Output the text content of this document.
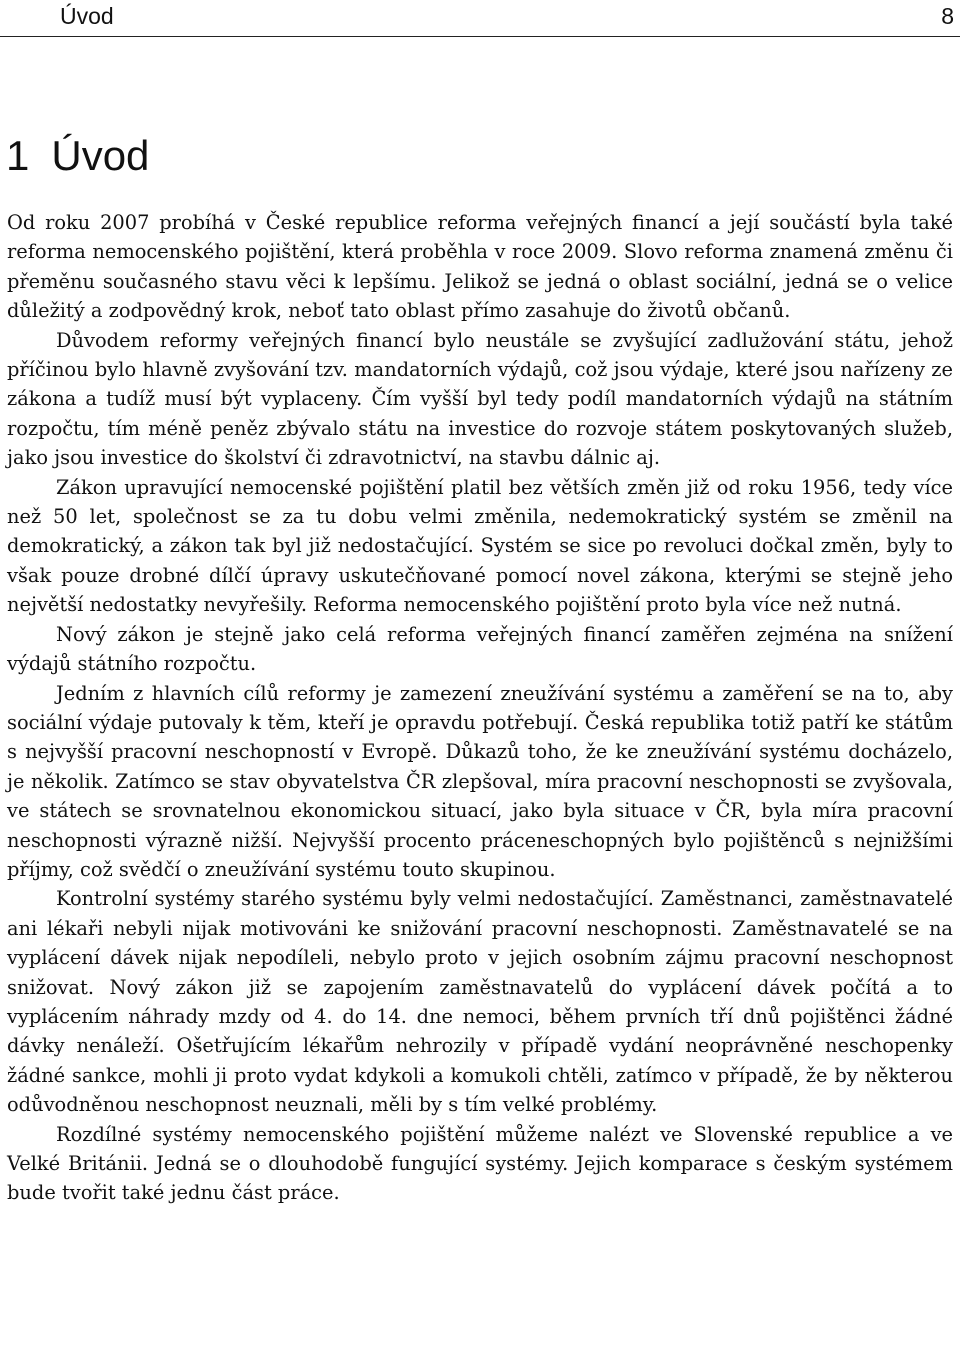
Úvod	8
1 Úvod

Od roku 2007 probíhá v České republice reforma veřejných financí a její součástí byla také reforma nemocenského pojištění, která proběhla v roce 2009. Slovo reforma znamená změnu či přeměnu současného stavu věci k lepšímu. Jelikož se jedná o oblast sociální, jedná se o velice důležitý a zodpovědný krok, neboť tato oblast přímo zasahuje do životů občanů.

Důvodem reformy veřejných financí bylo neustále se zvyšující zadlužování státu, jehož příčinou bylo hlavně zvyšování tzv. mandatorních výdajů, což jsou výdaje, které jsou nařízeny ze zákona a tudíž musí být vyplaceny. Čím vyšší byl tedy podíl mandatorních výdajů na státním rozpočtu, tím méně peněz zbývalo státu na investice do rozvoje státem poskytovaných služeb, jako jsou investice do školství či zdravotnictví, na stavbu dálnic aj.

Zákon upravující nemocenské pojištění platil bez větších změn již od roku 1956, tedy více než 50 let, společnost se za tu dobu velmi změnila, nedemokratický systém se změnil na demokratický, a zákon tak byl již nedostačující. Systém se sice po revoluci dočkal změn, byly to však pouze drobné dílčí úpravy uskutečňované pomocí novel zákona, kterými se stejně jeho největší nedostatky nevyřešily. Reforma nemocenského pojištění proto byla více než nutná.

Nový zákon je stejně jako celá reforma veřejných financí zaměřen zejména na snížení výdajů státního rozpočtu.

Jedním z hlavních cílů reformy je zamezení zneužívání systému a zaměření se na to, aby sociální výdaje putovaly k těm, kteří je opravdu potřebují. Česká republika totiž patří ke státům s nejvyšší pracovní neschopností v Evropě. Důkazů toho, že ke zneužívání systému docházelo, je několik. Zatímco se stav obyvatelstva ČR zlepšoval, míra pracovní neschopnosti se zvyšovala, ve státech se srovnatelnou ekonomickou situací, jako byla situace v ČR, byla míra pracovní neschopnosti výrazně nižší. Nejvyšší procento práceneschopných bylo pojištěnců s nejnižšími příjmy, což svědčí o zneužívání systému touto skupinou.

Kontrolní systémy starého systému byly velmi nedostačující. Zaměstnanci, zaměstnavatelé ani lékaři nebyli nijak motivováni ke snižování pracovní neschopnosti. Zaměstnavatelé se na vyplácení dávek nijak nepodíleli, nebylo proto v jejich osobním zájmu pracovní neschopnost snižovat. Nový zákon již se zapojením zaměstnavatelů do vyplácení dávek počítá a to vyplácením náhrady mzdy od 4. do 14. dne nemoci, během prvních tří dnů pojištěnci žádné dávky nenáleží. Ošetřujícím lékařům nehrozily v případě vydání neoprávněné neschopenky žádné sankce, mohli ji proto vydat kdykoli a komukoli chtěli, zatímco v případě, že by některou odůvodněnou neschopnost neuznali, měli by s tím velké problémy.

Rozdílné systémy nemocenského pojištění můžeme nalézt ve Slovenské republice a ve Velké Británii. Jedná se o dlouhodobě fungující systémy. Jejich komparace s českým systémem bude tvořit také jednu část práce.
